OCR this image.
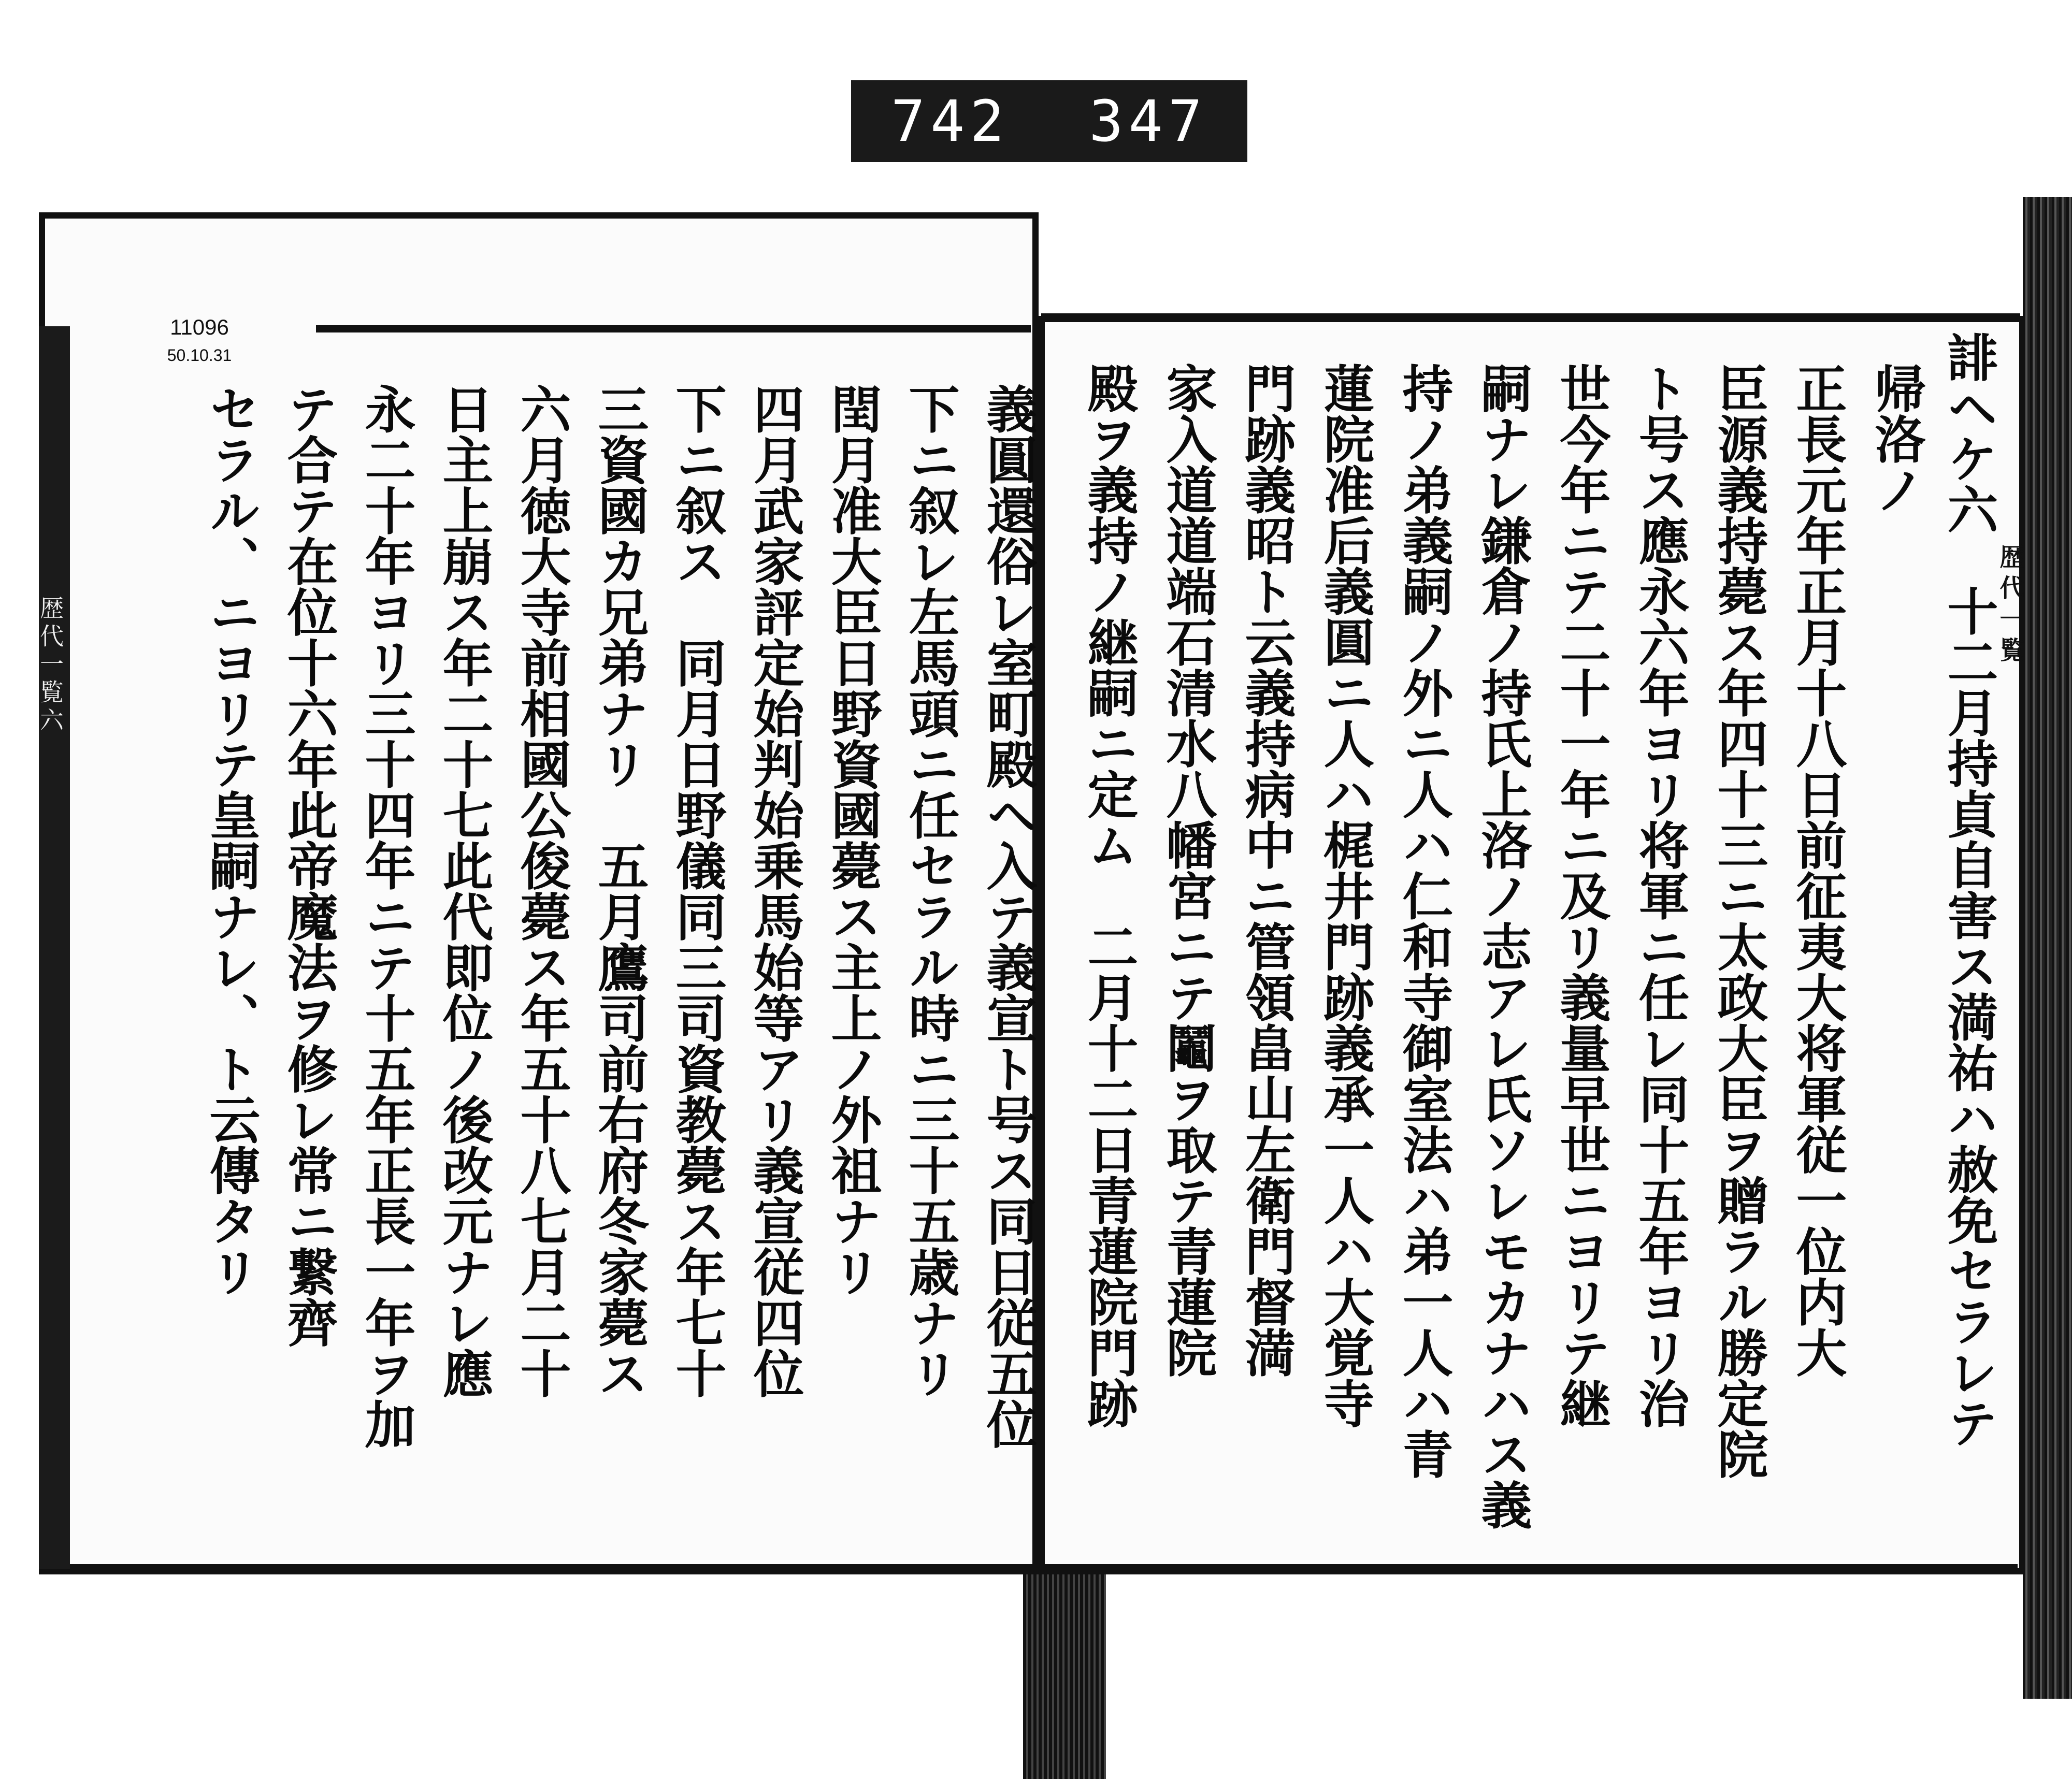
742 347
歴代一覧六	歴代一覧
11096
50.10.31	誹ヘケ六　十二月持貞自害ス満祐ハ赦免セラレテ
帰洛ノ
正長元年正月十八日前征夷大将軍従一位内大
臣源義持薨ス年四十三ニ太政大臣ヲ贈ラル勝定院
ト号ス應永六年ヨリ将軍ニ任レ同十五年ヨリ治
世今年ニテ二十一年ニ及リ義量早世ニヨリテ継
嗣ナレ鎌倉ノ持氏上洛ノ志アレ氏ソレモカナハス義
持ノ弟義嗣ノ外ニ人ハ仁和寺御室法ハ弟一人ハ青
蓮院准后義圓ニ人ハ梶井門跡義承一人ハ大覚寺
門跡義昭ト云義持病中ニ管領畠山左衛門督満
家入道道端石清水八幡宮ニテ鬮ヲ取テ青蓮院
殿ヲ義持ノ継嗣ニ定ム　二月十二日青蓮院門跡
義圓還俗レ室町殿ヘ入テ義宣ト号ス同日従五位
下ニ叙レ左馬頭ニ任セラル時ニ三十五歳ナリ
閏月准大臣日野資國薨ス主上ノ外祖ナリ
四月武家評定始判始乗馬始等アリ義宣従四位
下ニ叙ス　同月日野儀同三司資教薨ス年七十
三資國カ兄弟ナリ　五月鷹司前右府冬家薨ス
六月徳大寺前相國公俊薨ス年五十八七月二十
日主上崩ス年二十七此代即位ノ後改元ナレ應
永二十年ヨリ三十四年ニテ十五年正長一年ヲ加
テ合テ在位十六年此帝魔法ヲ修レ常ニ繋齊
セラル、ニヨリテ皇嗣ナレ、ト云傳タリ
